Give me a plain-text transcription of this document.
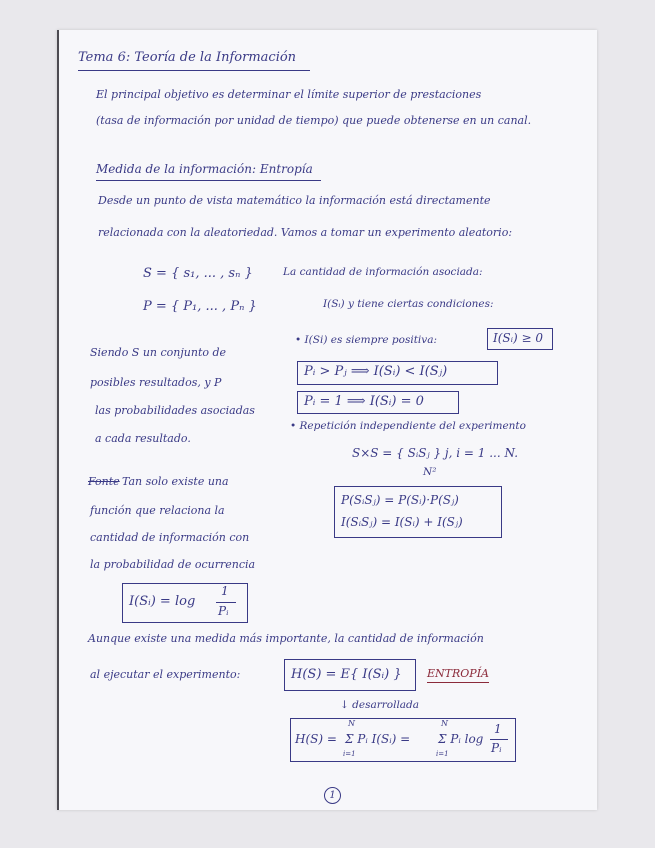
Tema 6: Teoría de la Información
El principal objetivo es determinar el límite superior de prestaciones
(tasa de información por unidad de tiempo) que puede obtenerse en un canal.
Medida de la información: Entropía
Desde un punto de vista matemático la información está directamente
relacionada con la aleatoriedad. Vamos a tomar un experimento aleatorio:
S = { s₁, ... , sₙ }
P = { P₁, ... , Pₙ }
La cantidad de información asociada:
I(Sᵢ) y tiene ciertas condiciones:
Siendo S un conjunto de
posibles resultados, y P
las probabilidades asociadas
a cada resultado.
• I(Si) es siempre positiva:	I(Sᵢ) ≥ 0
Pᵢ > Pⱼ ⟹ I(Sᵢ) < I(Sⱼ)
Pᵢ = 1 ⟹ I(Sᵢ) = 0
• Repetición independiente del experimento
S×S = { SᵢSⱼ } j, i = 1 ... N.
N²
P(SᵢSⱼ) = P(Sᵢ)·P(Sⱼ)
I(SᵢSⱼ) = I(Sᵢ) + I(Sⱼ)
Fonte Tan solo existe una
función que relaciona la
cantidad de información con
la probabilidad de ocurrencia
I(Sᵢ) = log
1
Pᵢ
Aunque existe una medida más importante, la cantidad de información
al ejecutar el experimento:	H(S) = E{ I(Sᵢ) } ENTROPÍA
↓ desarrollada
H(S) =
N
i=1
Σ Pᵢ I(Sᵢ) =
N
i=1
Σ Pᵢ log
1
Pᵢ
1
